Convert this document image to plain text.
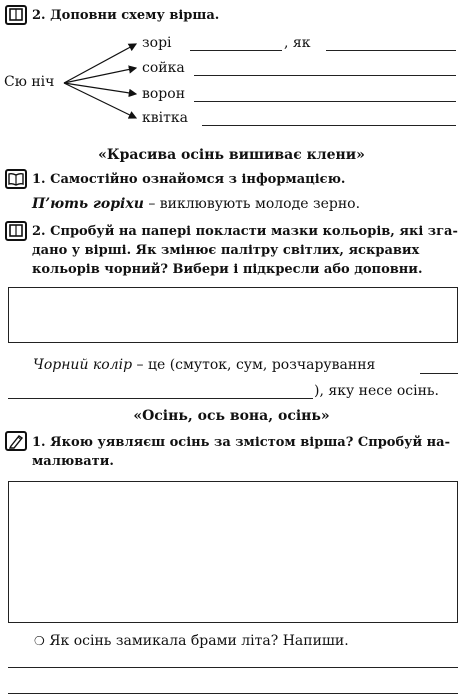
2. Доповни схему вірша.
Сю ніч
зорі	, як
сойка
ворон
квітка
«Красива осінь вишиває клени»
1. Самостійно ознайомся з інформацією.
П’ють горіхи – виклювують молоде зерно.
2. Спробуй на папері покласти мазки кольорів, які зга-
дано у вірші. Як змінює палітру світлих, яскравих
кольорів чорний? Вибери і підкресли або доповни.
Чорний колір – це (смуток, сум, розчарування
), яку несе осінь.
«Осінь, ось вона, осінь»
1. Якою уявляєш осінь за змістом вірша? Спробуй на-
малювати.
❍ Як осінь замикала брами літа? Напиши.
